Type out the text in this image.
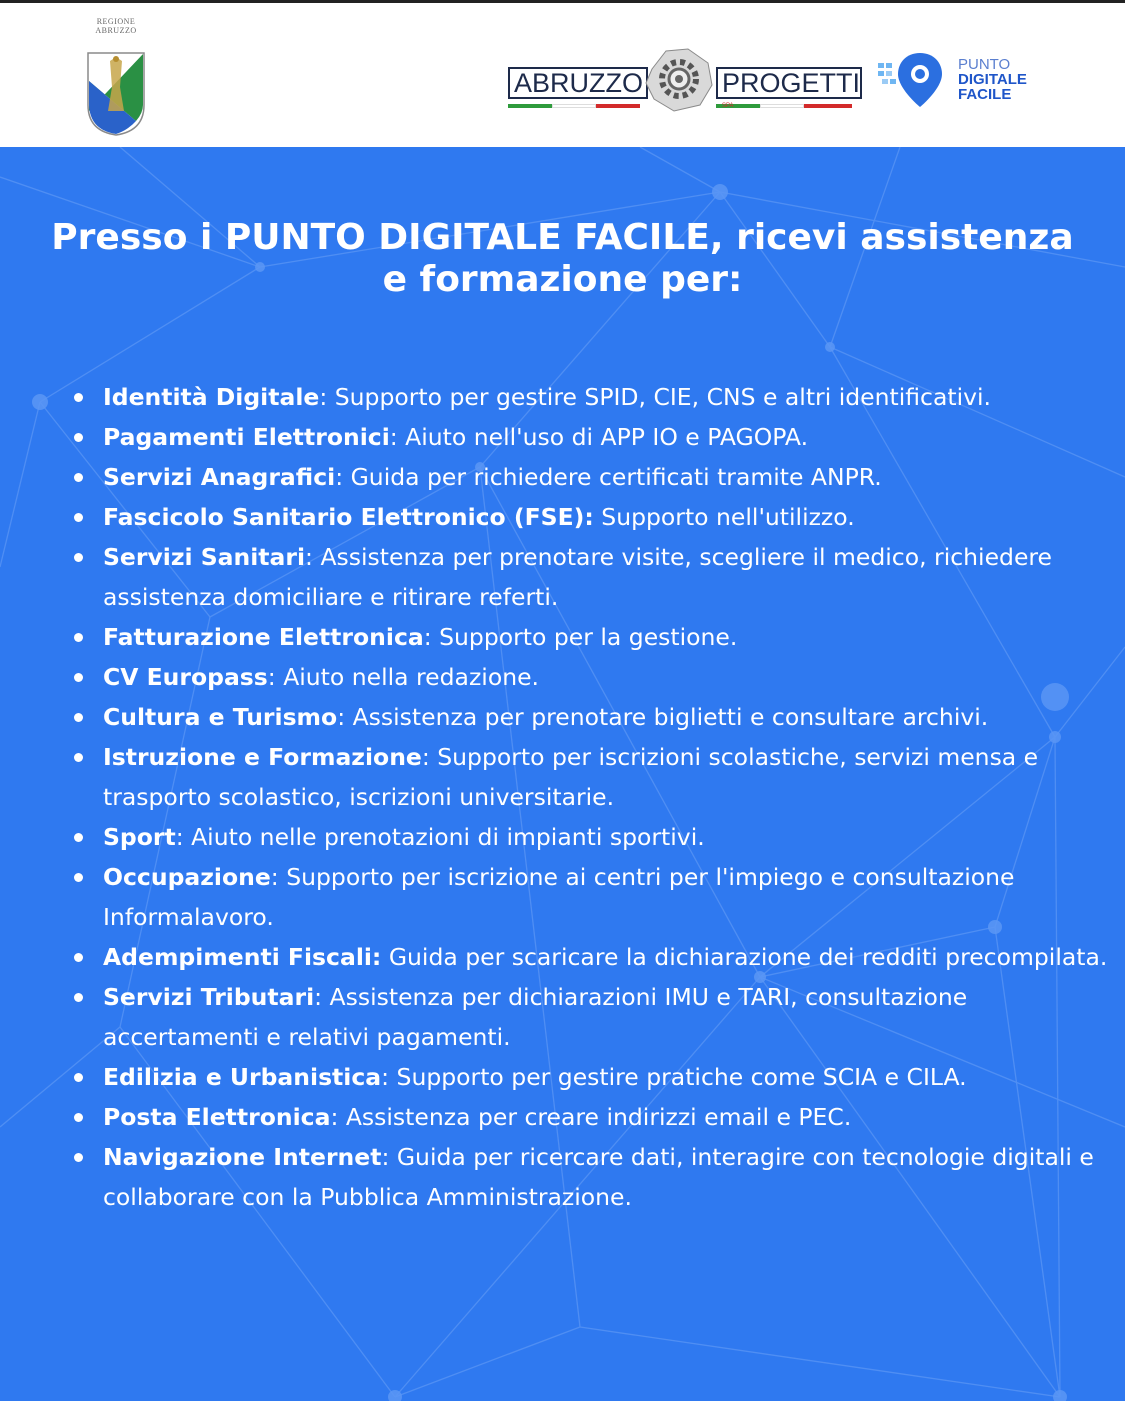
REGIONE
ABRUZZO
ABRUZZO	PROGETTI
SPA
PUNTO
DIGITALE
FACILE
Presso i PUNTO DIGITALE FACILE, ricevi assistenza e formazione per:
Identità Digitale: Supporto per gestire SPID, CIE, CNS e altri identificativi.
Pagamenti Elettronici: Aiuto nell'uso di APP IO e PAGOPA.
Servizi Anagrafici: Guida per richiedere certificati tramite ANPR.
Fascicolo Sanitario Elettronico (FSE): Supporto nell'utilizzo.
Servizi Sanitari: Assistenza per prenotare visite, scegliere il medico, richiedere assistenza domiciliare e ritirare referti.
Fatturazione Elettronica: Supporto per la gestione.
CV Europass: Aiuto nella redazione.
Cultura e Turismo: Assistenza per prenotare biglietti e consultare archivi.
Istruzione e Formazione: Supporto per iscrizioni scolastiche, servizi mensa e trasporto scolastico, iscrizioni universitarie.
Sport: Aiuto nelle prenotazioni di impianti sportivi.
Occupazione: Supporto per iscrizione ai centri per l'impiego e consultazione Informalavoro.
Adempimenti Fiscali: Guida per scaricare la dichiarazione dei redditi precompilata.
Servizi Tributari: Assistenza per dichiarazioni IMU e TARI, consultazione accertamenti e relativi pagamenti.
Edilizia e Urbanistica: Supporto per gestire pratiche come SCIA e CILA.
Posta Elettronica: Assistenza per creare indirizzi email e PEC.
Navigazione Internet: Guida per ricercare dati, interagire con tecnologie digitali e collaborare con la Pubblica Amministrazione.
